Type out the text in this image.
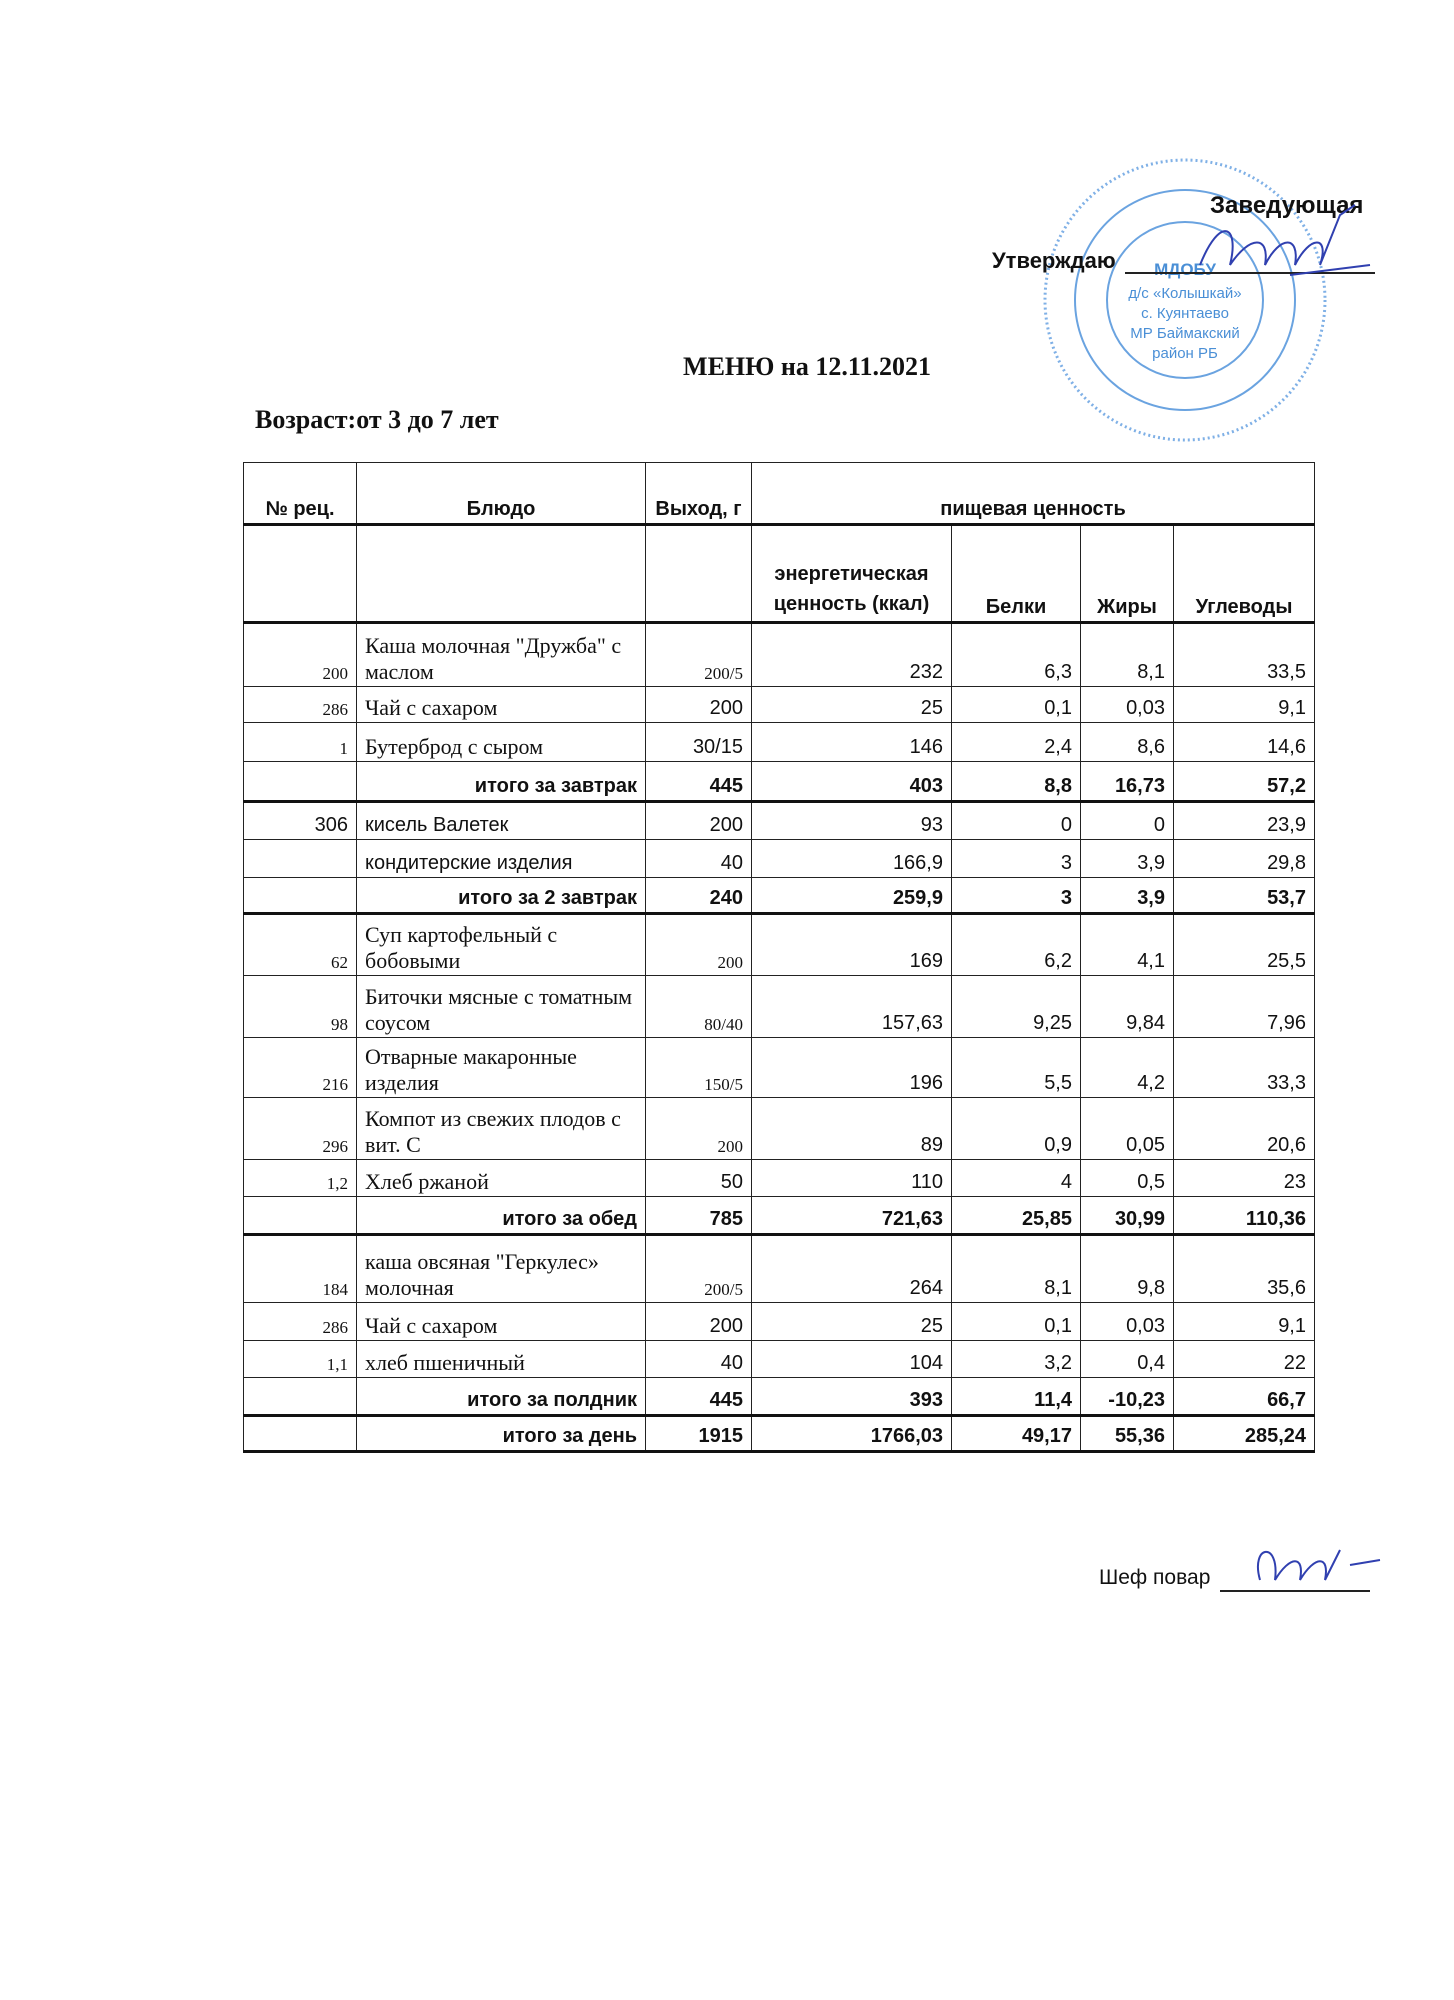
МДОБУ
д/с «Колышкай»
с. Куянтаево
МР Баймакский
район РБ
Заведующая
Утверждаю
МЕНЮ на 12.11.2021
Возраст:от 3 до 7 лет
№ рец.	Блюдо	Выход, г	пищевая ценность			
			энергетическая ценность (ккал)	Белки	Жиры	Углеводы
200	Каша молочная "Дружба" с маслом	200/5	232	6,3	8,1	33,5
286	Чай с сахаром	200	25	0,1	0,03	9,1
1	Бутерброд с сыром	30/15	146	2,4	8,6	14,6
	итого за завтрак	445	403	8,8	16,73	57,2
306	кисель Валетек	200	93	0	0	23,9
	кондитерские изделия	40	166,9	3	3,9	29,8
	итого за 2 завтрак	240	259,9	3	3,9	53,7
62	Суп картофельный с бобовыми	200	169	6,2	4,1	25,5
98	Биточки мясные с томатным соусом	80/40	157,63	9,25	9,84	7,96
216	Отварные макаронные изделия	150/5	196	5,5	4,2	33,3
296	Компот из свежих плодов с вит. С	200	89	0,9	0,05	20,6
1,2	Хлеб ржаной	50	110	4	0,5	23
	итого за обед	785	721,63	25,85	30,99	110,36
184	каша овсяная "Геркулес» молочная	200/5	264	8,1	9,8	35,6
286	Чай с сахаром	200	25	0,1	0,03	9,1
1,1	хлеб пшеничный	40	104	3,2	0,4	22
	итого за полдник	445	393	11,4	-10,23	66,7
	итого за день	1915	1766,03	49,17	55,36	285,24
Шеф повар
